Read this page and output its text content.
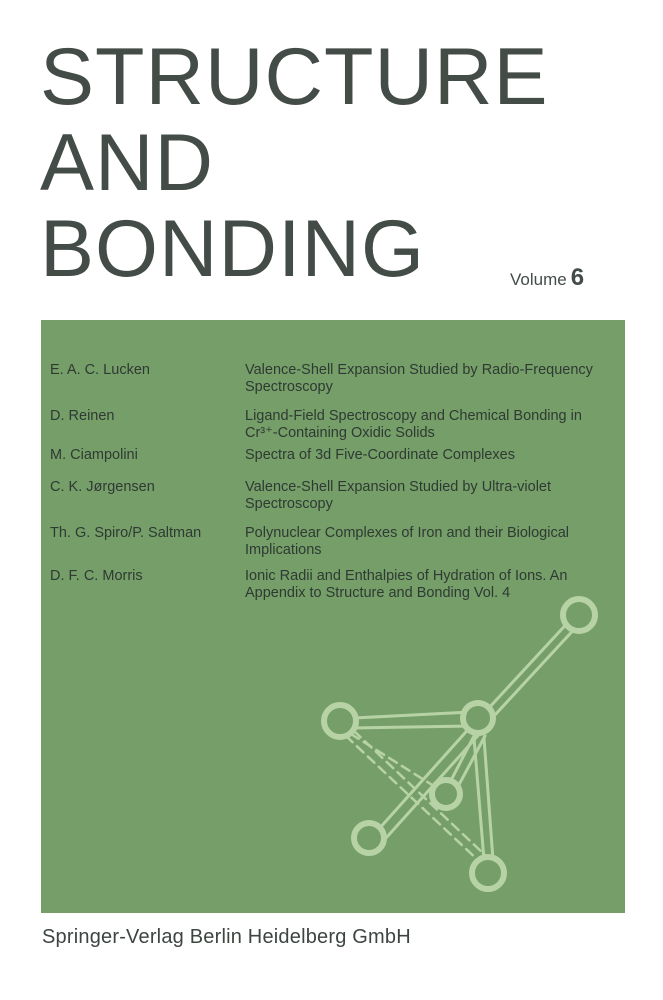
STRUCTURE
AND
BONDING	Volume 6
E. A. C. Lucken	Valence-Shell Expansion Studied by Radio-Frequency Spectroscopy
D. Reinen	Ligand-Field Spectroscopy and Chemical Bonding in Cr³⁺-Containing Oxidic Solids
M. Ciampolini	Spectra of 3d Five-Coordinate Complexes
C. K. Jørgensen	Valence-Shell Expansion Studied by Ultra-violet Spectroscopy
Th. G. Spiro/P. Saltman	Polynuclear Complexes of Iron and their Biological Implications
D. F. C. Morris	Ionic Radii and Enthalpies of Hydration of Ions. An Appendix to Structure and Bonding Vol. 4
Springer-Verlag Berlin Heidelberg GmbH
